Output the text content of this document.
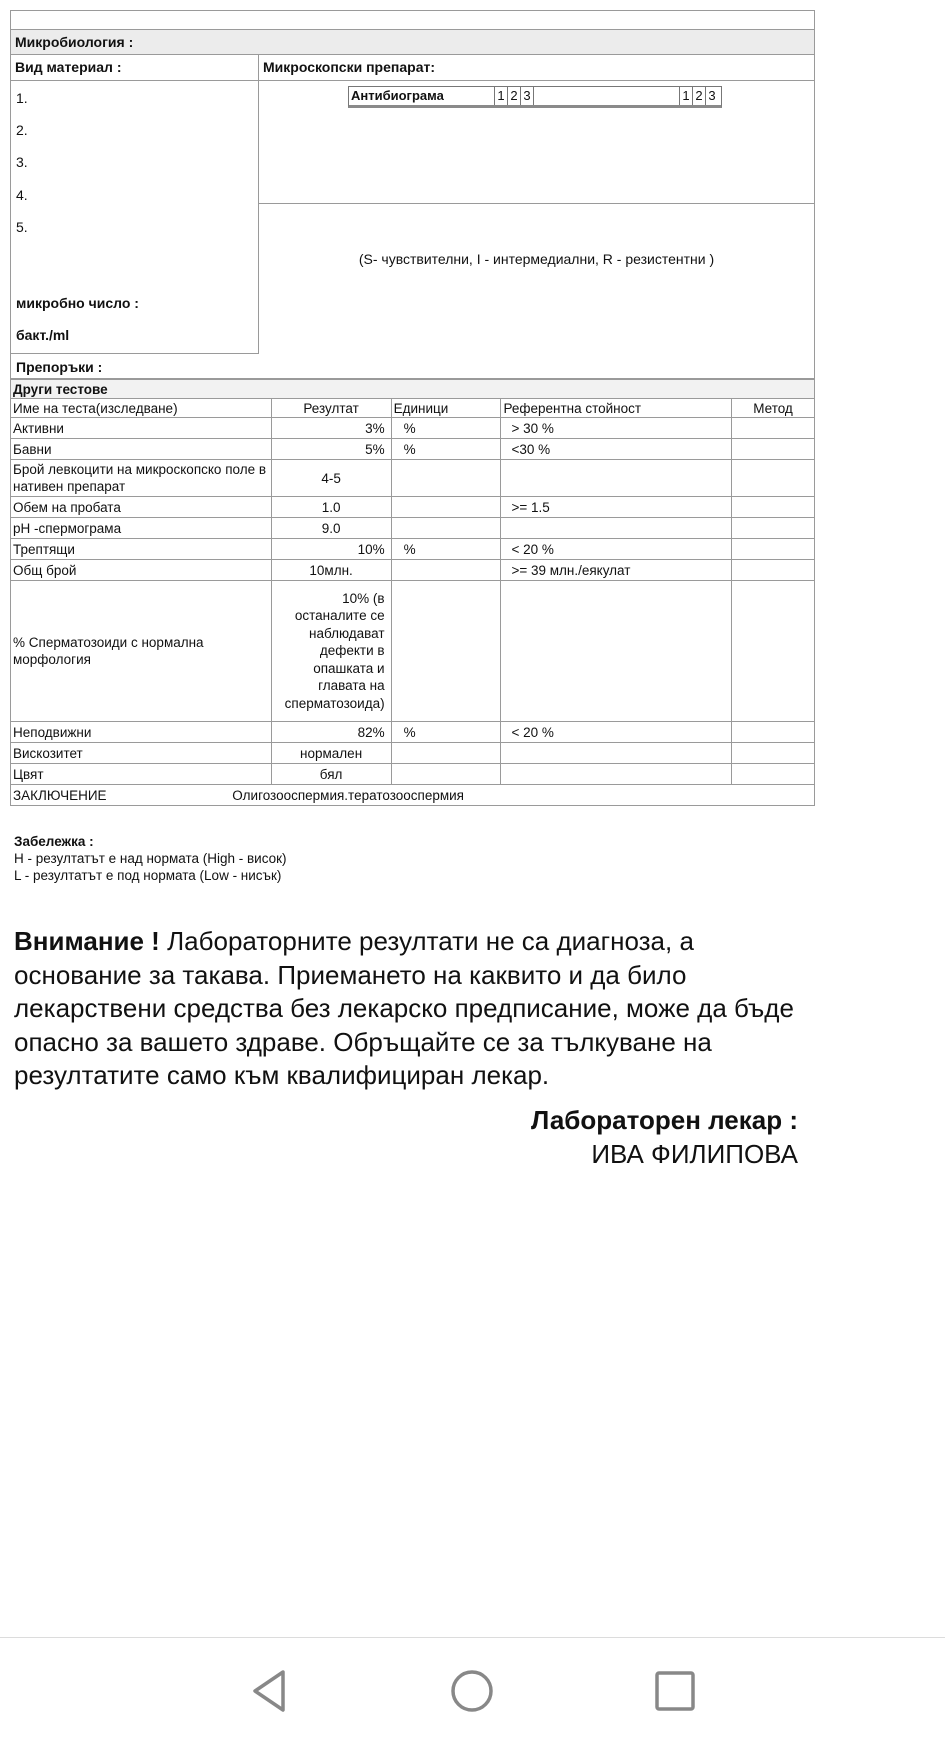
Микробиология :
Вид материал :
1.
2.
3.
4.
5.
микробно число :
бакт./ml
Микроскопски препарат:
Антибиограма	1 2 3	1 2 3
(S- чувствителни, I - интермедиални, R - резистентни )
Препоръки :
Други тестове				
Име на теста(изследване)	Резултат	Единици	Референтна стойност	Метод
Активни	3%	%	> 30 %	
Бавни	5%	%	<30 %	
Брой левкоцити на микроскопско поле в нативен препарат	4-5			
Обем на пробата	1.0		>= 1.5	
pH -спермограма	9.0			
Трептящи	10%	%	< 20 %	
Общ брой	10млн.		>= 39 млн./еякулат	
% Сперматозоиди с нормална морфология	10% (в останалите се наблюдават дефекти в опашката и главата на сперматозоида)			
Неподвижни	82%	%	< 20 %	
Вискозитет	нормален			
Цвят	бял			
ЗАКЛЮЧЕНИЕ Олигозооспермия.тератозооспермия				
Забележка :
H - резултатът е над нормата (High - висок)
L - резултатът е под нормата (Low - нисък)
Внимание ! Лабораторните резултати не са диагноза, а основание за такава. Приемането на каквито и да било лекарствени средства без лекарско предписание, може да бъде опасно за вашето здраве. Обръщайте се за тълкуване на резултатите само към квалифициран лекар.
Лабораторен лекар :
ИВА ФИЛИПОВА
